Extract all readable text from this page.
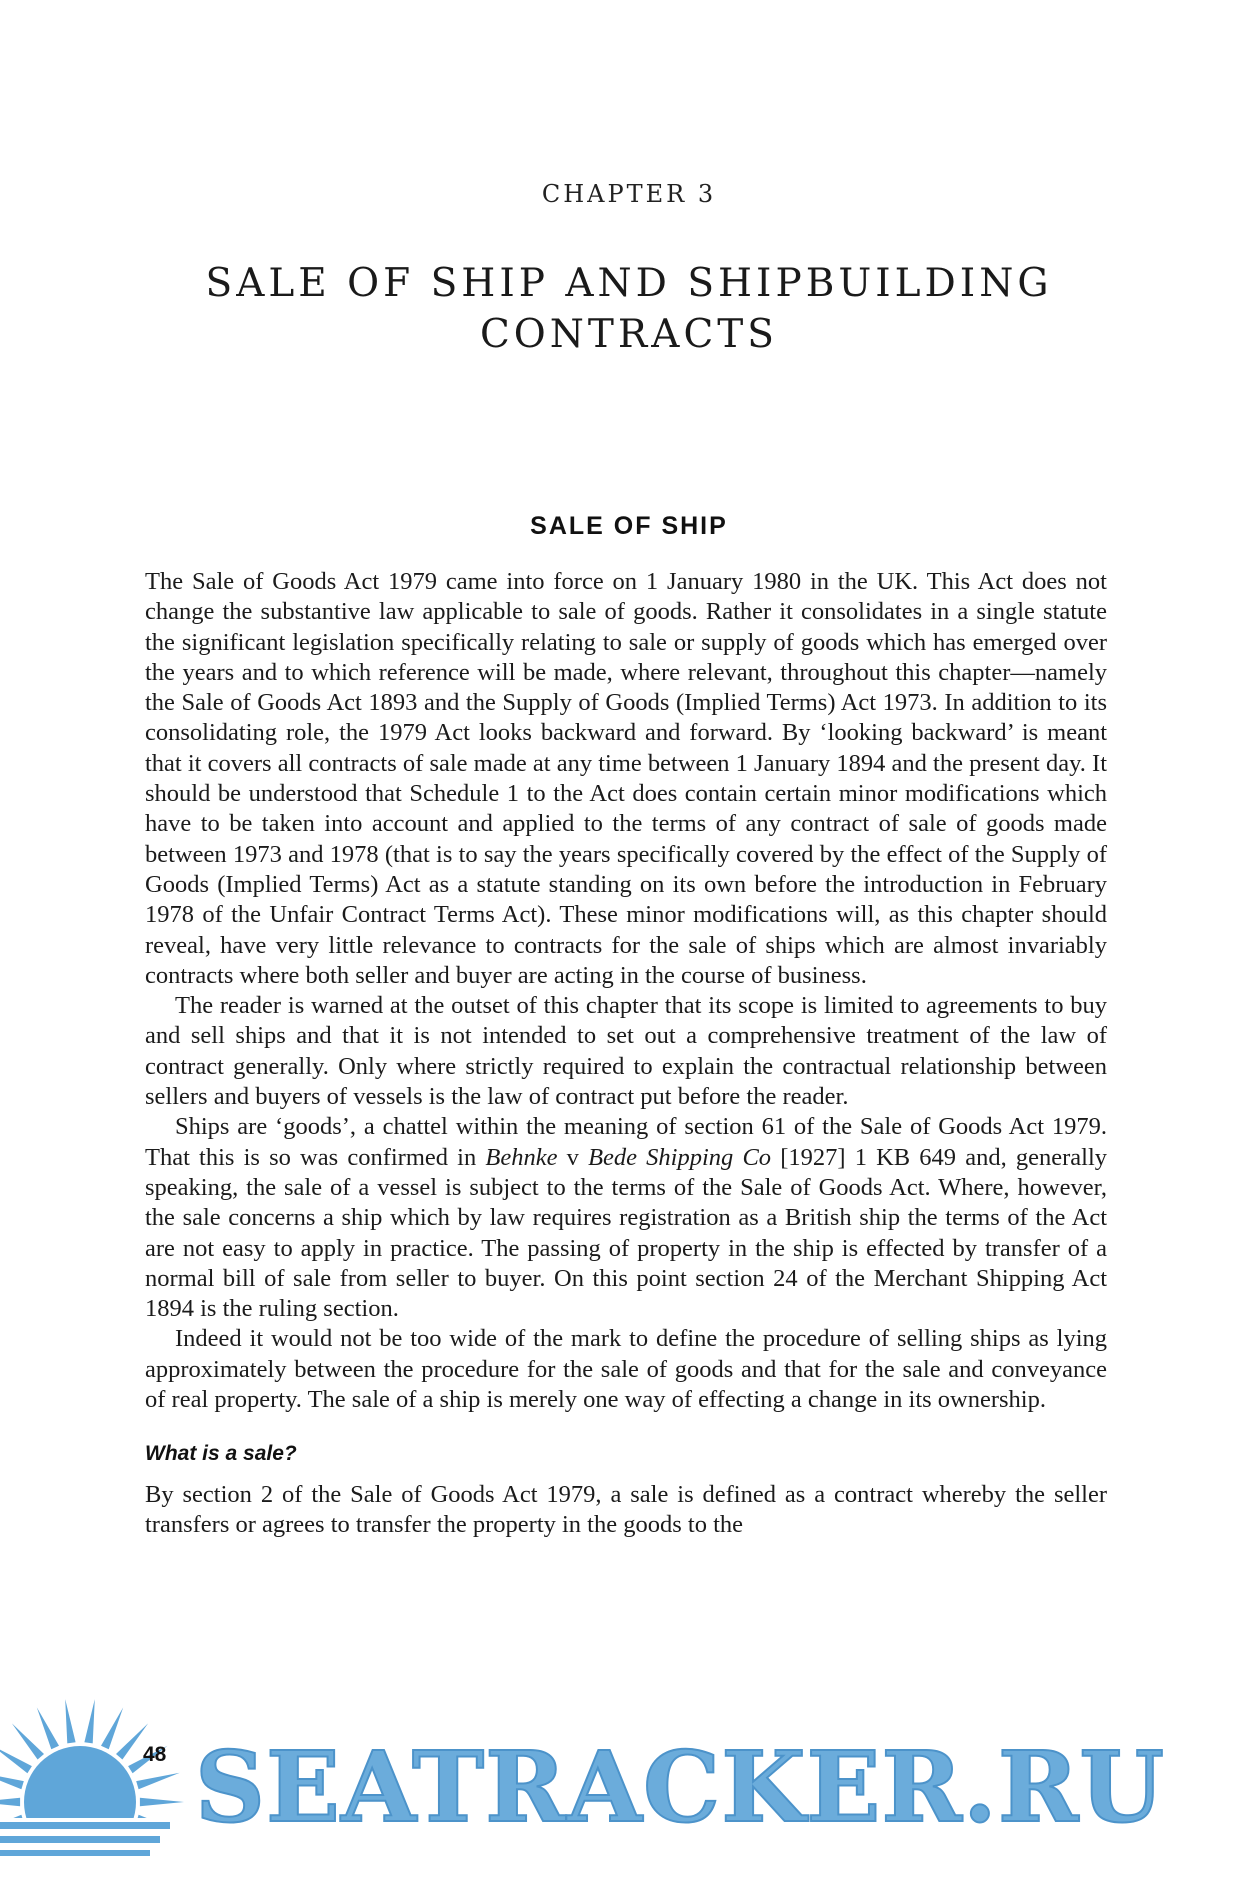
CHAPTER 3
SALE OF SHIP AND SHIPBUILDING
CONTRACTS
SALE OF SHIP

The Sale of Goods Act 1979 came into force on 1 January 1980 in the UK. This Act does not change the substantive law applicable to sale of goods. Rather it consolidates in a single statute the significant legislation specifically relating to sale or supply of goods which has emerged over the years and to which reference will be made, where relevant, throughout this chapter—namely the Sale of Goods Act 1893 and the Supply of Goods (Implied Terms) Act 1973. In addition to its consolidating role, the 1979 Act looks backward and forward. By ‘looking backward’ is meant that it covers all contracts of sale made at any time between 1 January 1894 and the present day. It should be understood that Schedule 1 to the Act does contain certain minor modifications which have to be taken into account and applied to the terms of any contract of sale of goods made between 1973 and 1978 (that is to say the years specifically covered by the effect of the Supply of Goods (Implied Terms) Act as a statute standing on its own before the introduction in February 1978 of the Unfair Contract Terms Act). These minor modifications will, as this chapter should reveal, have very little relevance to contracts for the sale of ships which are almost invariably contracts where both seller and buyer are acting in the course of business.

The reader is warned at the outset of this chapter that its scope is limited to agreements to buy and sell ships and that it is not intended to set out a comprehensive treatment of the law of contract generally. Only where strictly required to explain the contractual relationship between sellers and buyers of vessels is the law of contract put before the reader.

Ships are ‘goods’, a chattel within the meaning of section 61 of the Sale of Goods Act 1979. That this is so was confirmed in Behnke v Bede Shipping Co [1927] 1 KB 649 and, generally speaking, the sale of a vessel is subject to the terms of the Sale of Goods Act. Where, however, the sale concerns a ship which by law requires registration as a British ship the terms of the Act are not easy to apply in practice. The passing of property in the ship is effected by transfer of a normal bill of sale from seller to buyer. On this point section 24 of the Merchant Shipping Act 1894 is the ruling section.

Indeed it would not be too wide of the mark to define the procedure of selling ships as lying approximately between the procedure for the sale of goods and that for the sale and conveyance of real property. The sale of a ship is merely one way of effecting a change in its ownership.

What is a sale?

By section 2 of the Sale of Goods Act 1979, a sale is defined as a contract whereby the seller transfers or agrees to transfer the property in the goods to the

48 SEATRACKER.RU
